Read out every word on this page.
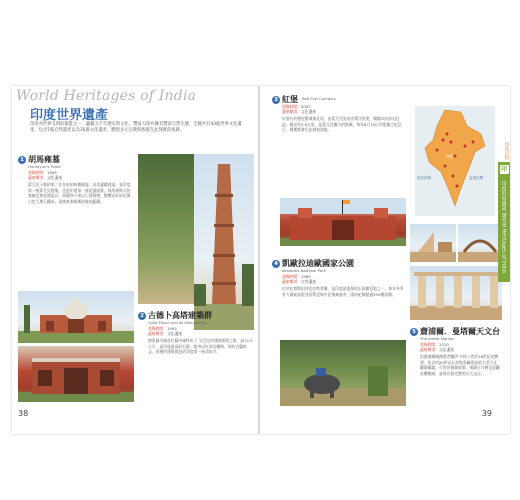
World Heritages of India
印度世界遺產
印度為世界文明的搖籃之一，蘊藏五千年歷史與文化，豐富大陸亦擁有豐富自然生態，全國共有43處世界文化遺產，包含7處自然遺產以及35處文化遺產，體現多元宗教與族群在此翔實的痕跡。
1 胡馬雍墓
Humayun's Tomb
登錄時間：1993
遺產類別：文化遺產
蒙兀兒王朝的第二任皇帝胡馬雍陵寢，由其遺孀建造，是印度第一座蒙兀兒建築，也是印度第一座花園陵墓。採用波斯式的查赫巴格花園設計，周圍四十座以上建築物，整體以紅砂岩與白色大理石構成，是後來泰姬瑪哈陵的藍圖。
2 古德卜高塔建築群
Qutb Minar and its Monuments
登錄時間：1993
遺產類別：文化遺產
德里蘇丹國首位蘇丹庫特布丁·艾巴克所建的勝利之塔，高72.5公尺，是印度最高的石塔。塔身以紅砂岩雕刻，刻有古蘭經文，周邊的建築群包括印度第一座清真寺。
38
3 紅堡 Red Fort Complex
登錄時間：2007
遺產類別：文化遺產
紅堡位於德里舊城東北角，由蒙兀兒皇帝沙賈汗所建，城牆以紅砂岩打造，總長約2.5公里，是蒙兀兒權力的象徵。每年8月15日印度獨立紀念日，總理都會在此發表演說。
印度
孟加拉灣
阿拉伯海
4 凱歐拉迪歐國家公園
Keoladeo National Park
登錄時間：1985
遺產類別：自然遺產
位於拉賈斯坦邦巴拉特普爾，是印度最重要的水鳥棲息地之一，每年冬季有大量候鳥從西伯利亞與中亞飛來過冬，園內紀錄超過350種鳥類。
5 齋浦爾．曼塔爾天文台
The Jantar Mantar
登錄時間：2010
遺產類別：文化遺產
由齋浦爾城創建者傑伊·辛格二世於18世紀初興建，包含約20件以石材與金屬建造的大型天文觀測儀器，可用於測量時間、預測日月蝕及追蹤星體軌跡，是保存最完整的古天文台。
印度百科
印
印度世界遺產 World Heritages of India
39
